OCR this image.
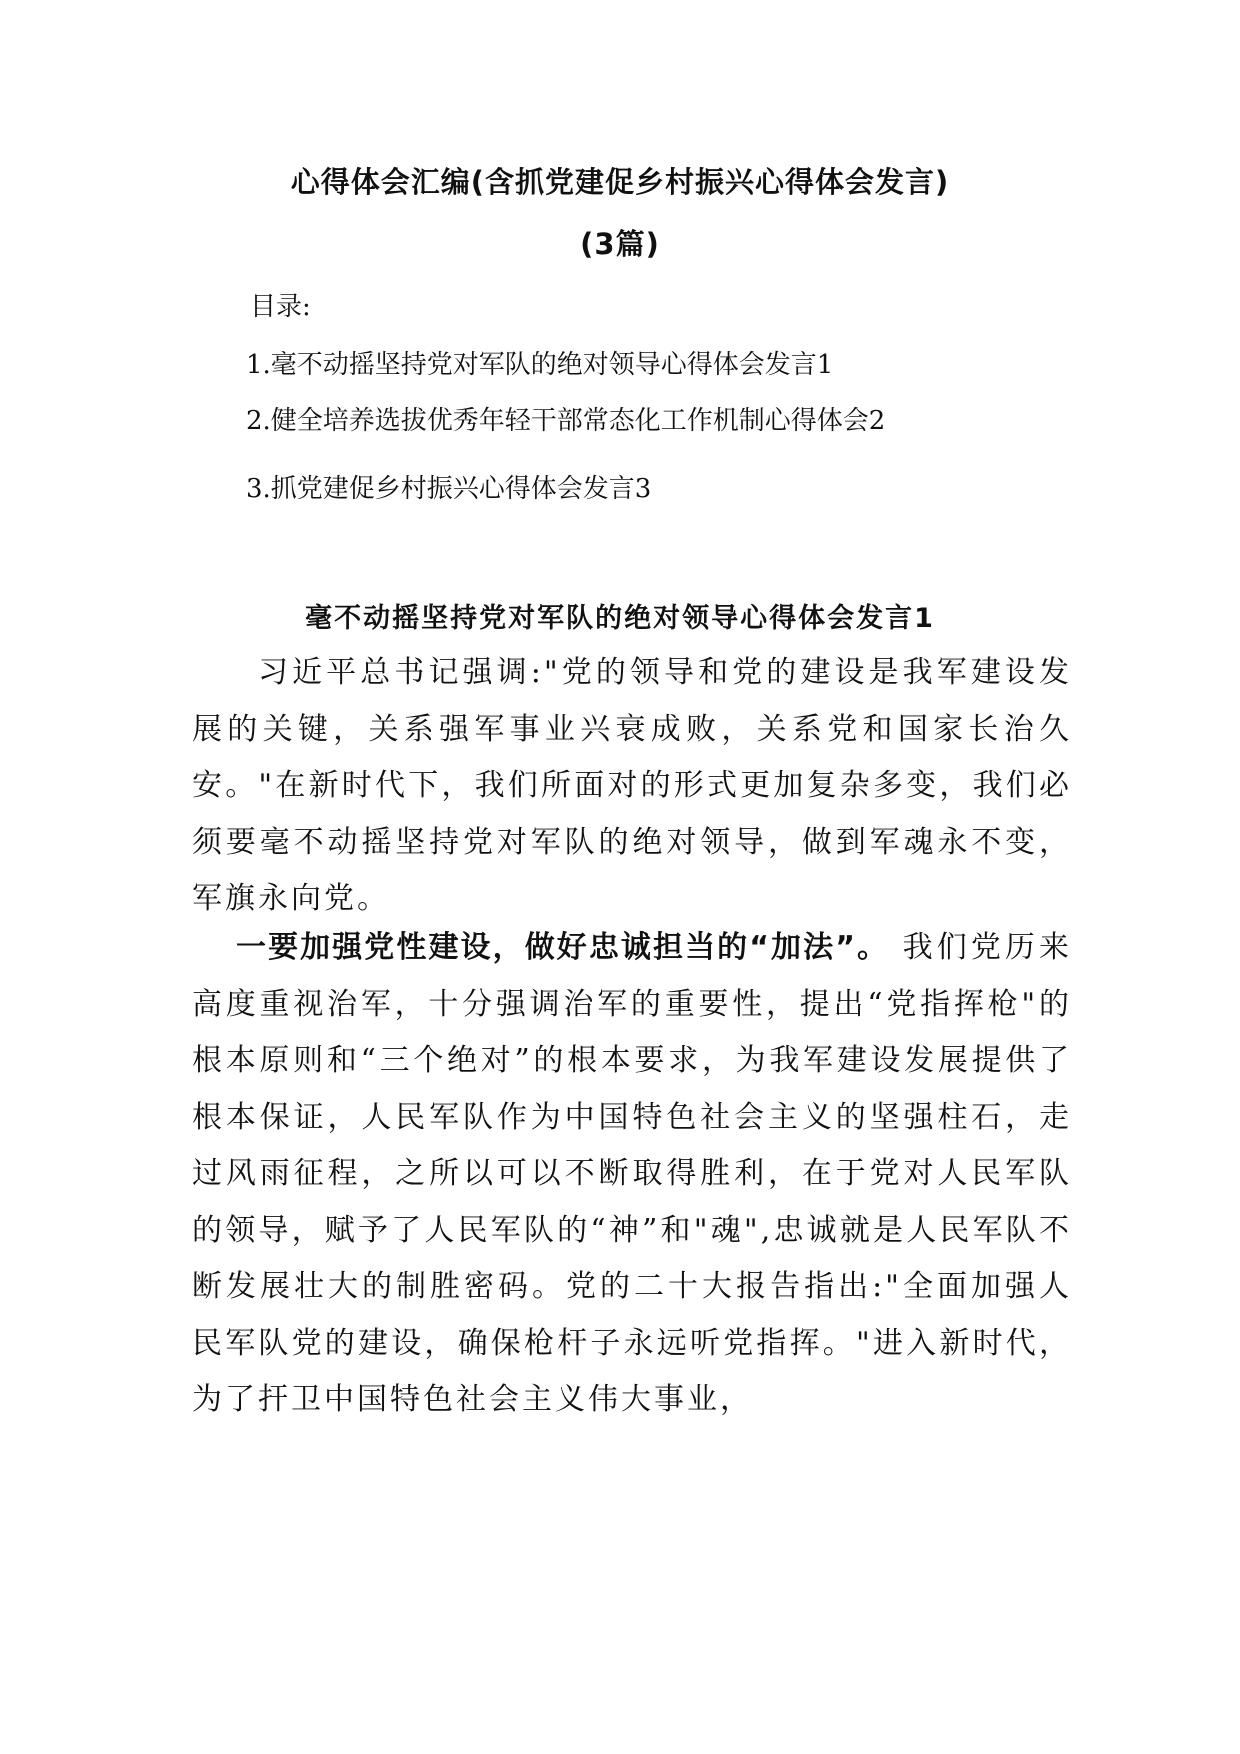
心得体会汇编(含抓党建促乡村振兴心得体会发言)
(3篇)

目录:

1.毫不动摇坚持党对军队的绝对领导心得体会发言1

2.健全培养选拔优秀年轻干部常态化工作机制心得体会2

3.抓党建促乡村振兴心得体会发言3

毫不动摇坚持党对军队的绝对领导心得体会发言1

习近平总书记强调:"党的领导和党的建设是我军建设发展的关键，关系强军事业兴衰成败，关系党和国家长治久安。"在新时代下，我们所面对的形式更加复杂多变，我们必须要毫不动摇坚持党对军队的绝对领导，做到军魂永不变，军旗永向党。

一要加强党性建设，做好忠诚担当的“加法”。 我们党历来高度重视治军，十分强调治军的重要性，提出“党指挥枪"的根本原则和“三个绝对”的根本要求，为我军建设发展提供了根本保证，人民军队作为中国特色社会主义的坚强柱石，走过风雨征程，之所以可以不断取得胜利，在于党对人民军队的领导，赋予了人民军队的“神”和"魂",忠诚就是人民军队不断发展壮大的制胜密码。党的二十大报告指出:"全面加强人民军队党的建设，确保枪杆子永远听党指挥。"进入新时代，为了扞卫中国特色社会主义伟大事业，
